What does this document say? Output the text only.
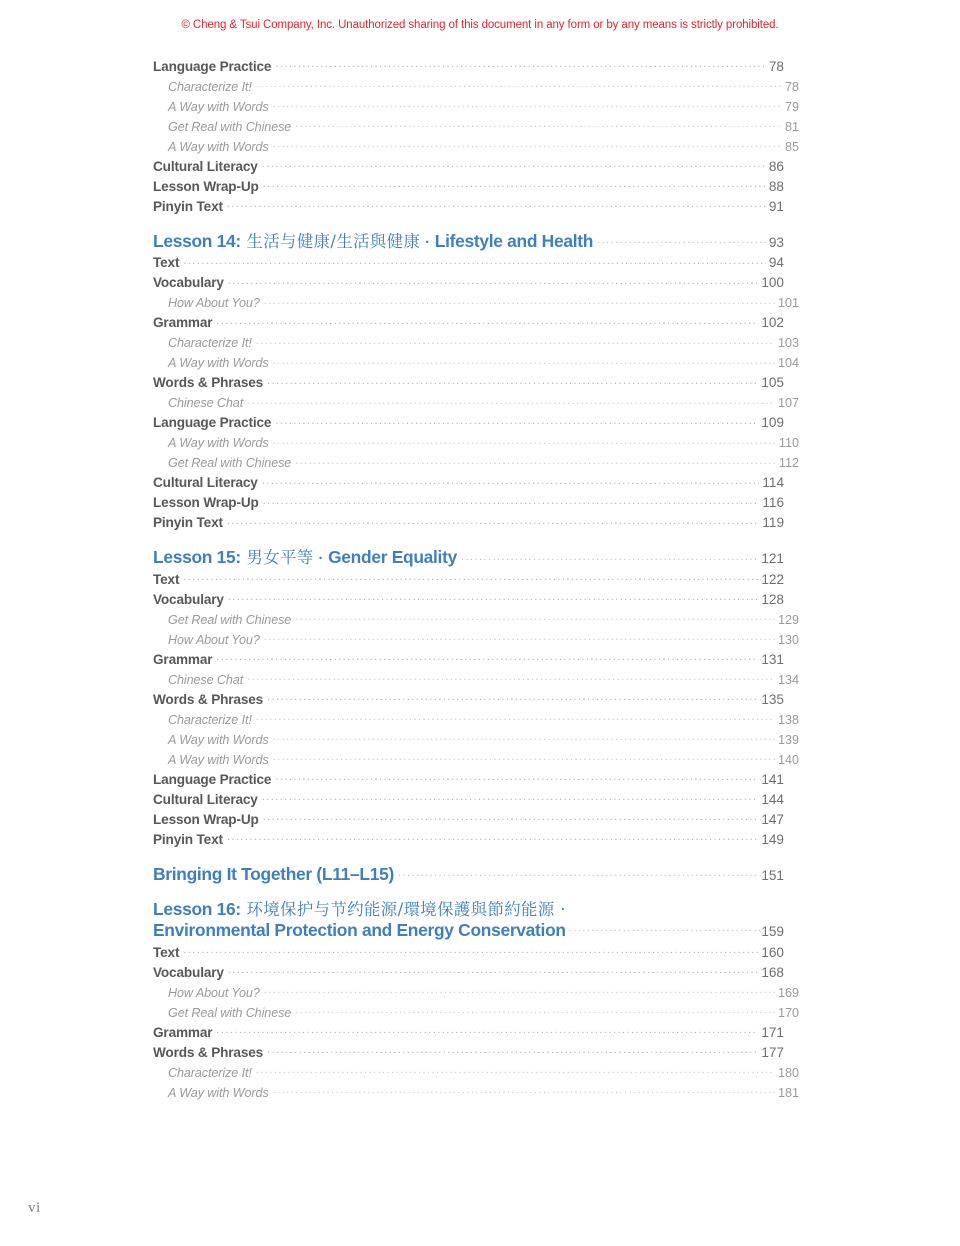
© Cheng & Tsui Company, Inc. Unauthorized sharing of this document in any form or by any means is strictly prohibited.
Language Practice .....	78
Characterize It! .....	78
A Way with Words .....	79
Get Real with Chinese .....	81
A Way with Words .....	85
Cultural Literacy .....	86
Lesson Wrap-Up .....	88
Pinyin Text .....	91
Lesson 14: 生活与健康/生活與健康 · Lifestyle and Health .....	93
Text .....	94
Vocabulary .....	100
How About You? .....	101
Grammar .....	102
Characterize It! .....	103
A Way with Words .....	104
Words & Phrases .....	105
Chinese Chat .....	107
Language Practice .....	109
A Way with Words .....	110
Get Real with Chinese .....	112
Cultural Literacy .....	114
Lesson Wrap-Up .....	116
Pinyin Text .....	119
Lesson 15: 男女平等 · Gender Equality .....	121
Text .....	122
Vocabulary .....	128
Get Real with Chinese .....	129
How About You? .....	130
Grammar .....	131
Chinese Chat .....	134
Words & Phrases .....	135
Characterize It! .....	138
A Way with Words .....	139
A Way with Words .....	140
Language Practice .....	141
Cultural Literacy .....	144
Lesson Wrap-Up .....	147
Pinyin Text .....	149
Bringing It Together (L11–L15) .....	151
Lesson 16: 环境保护与节约能源/環境保護與節約能源 ·
Environmental Protection and Energy Conservation .....	159
Text .....	160
Vocabulary .....	168
How About You? .....	169
Get Real with Chinese .....	170
Grammar .....	171
Words & Phrases .....	177
Characterize It! .....	180
A Way with Words .....	181
vi
